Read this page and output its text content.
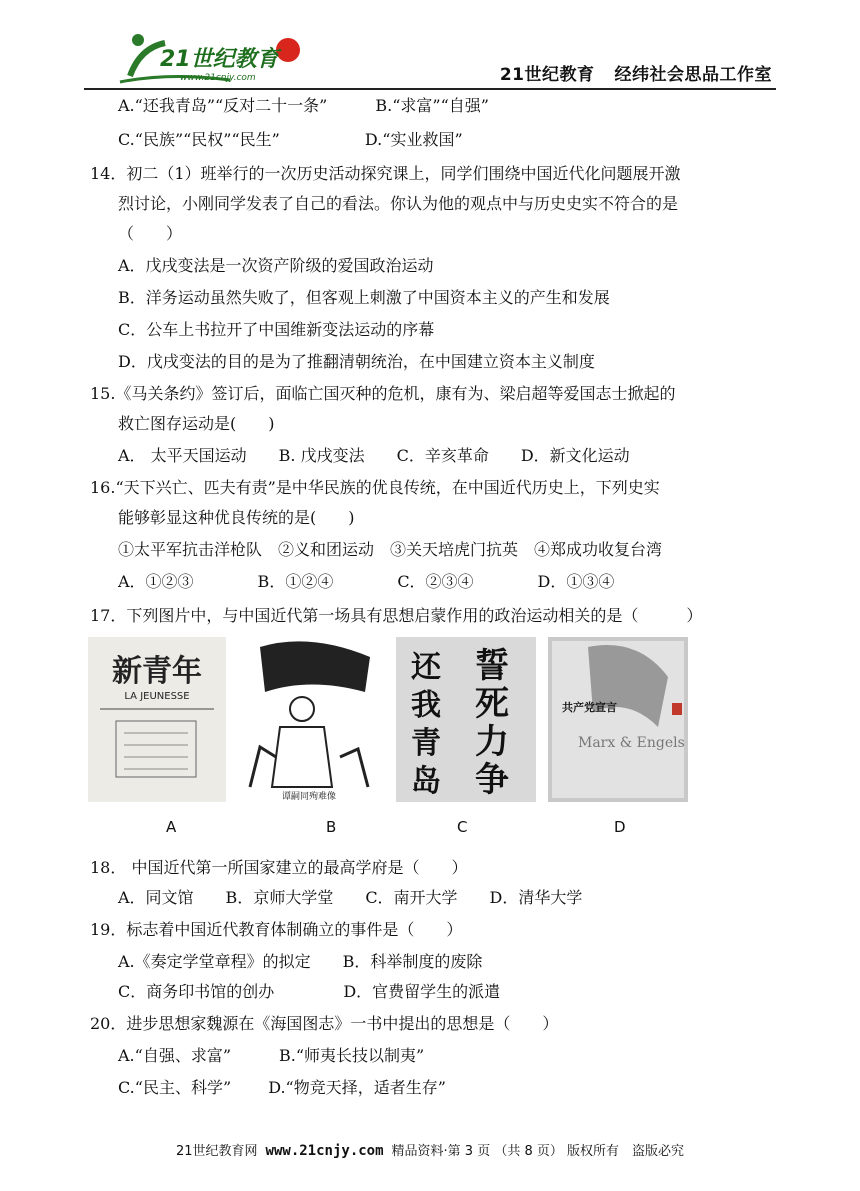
21世纪教育
www.21cnjy.com	21世纪教育 经纬社会思品工作室
A.“还我青岛”“反对二十一条”　　　B.“求富”“自强”
C.“民族”“民权”“民生”　　　　　 D.“实业救国”
14．初二（1）班举行的一次历史活动探究课上，同学们围绕中国近代化问题展开激
烈讨论，小刚同学发表了自己的看法。你认为他的观点中与历史史实不符合的是
（　　）
A．戊戌变法是一次资产阶级的爱国政治运动
B．洋务运动虽然失败了，但客观上刺激了中国资本主义的产生和发展
C．公车上书拉开了中国维新变法运动的序幕
D．戊戌变法的目的是为了推翻清朝统治，在中国建立资本主义制度
15.《马关条约》签订后，面临亡国灭种的危机，康有为、梁启超等爱国志士掀起的
救亡图存运动是(　　)
A． 太平天国运动　　B. 戊戌变法　　C．辛亥革命　　D．新文化运动
16.“天下兴亡、匹夫有责”是中华民族的优良传统，在中国近代历史上，下列史实
能够彰显这种优良传统的是(　　)
①太平军抗击洋枪队　②义和团运动　③关天培虎门抗英　④郑成功收复台湾
A．①②③　　　　B．①②④　　　　C．②③④　　　　D．①③④
17．下列图片中，与中国近代第一场具有思想启蒙作用的政治运动相关的是（　　　）
18． 中国近代第一所国家建立的最高学府是（　　）
A．同文馆　　B．京师大学堂　　C．南开大学　　D．清华大学
19．标志着中国近代教育体制确立的事件是（　　）
A.《奏定学堂章程》的拟定　　B．科举制度的废除
C．商务印书馆的创办　　　　 D．官费留学生的派遣
20．进步思想家魏源在《海国图志》一书中提出的思想是（　　）
A.“自强、求富”　　　B.“师夷长技以制夷”
C.“民主、科学”　　 D.“物竞天择，适者生存”
新青年
LA JEUNESSE
谭嗣同殉难像
还
我
青
岛
誓
死
力
争
共产党宣言
Marx & Engels
A	B	C	D
21世纪教育网 www.21cnjy.com 精品资料·第 3 页 （共 8 页） 版权所有　盗版必究
